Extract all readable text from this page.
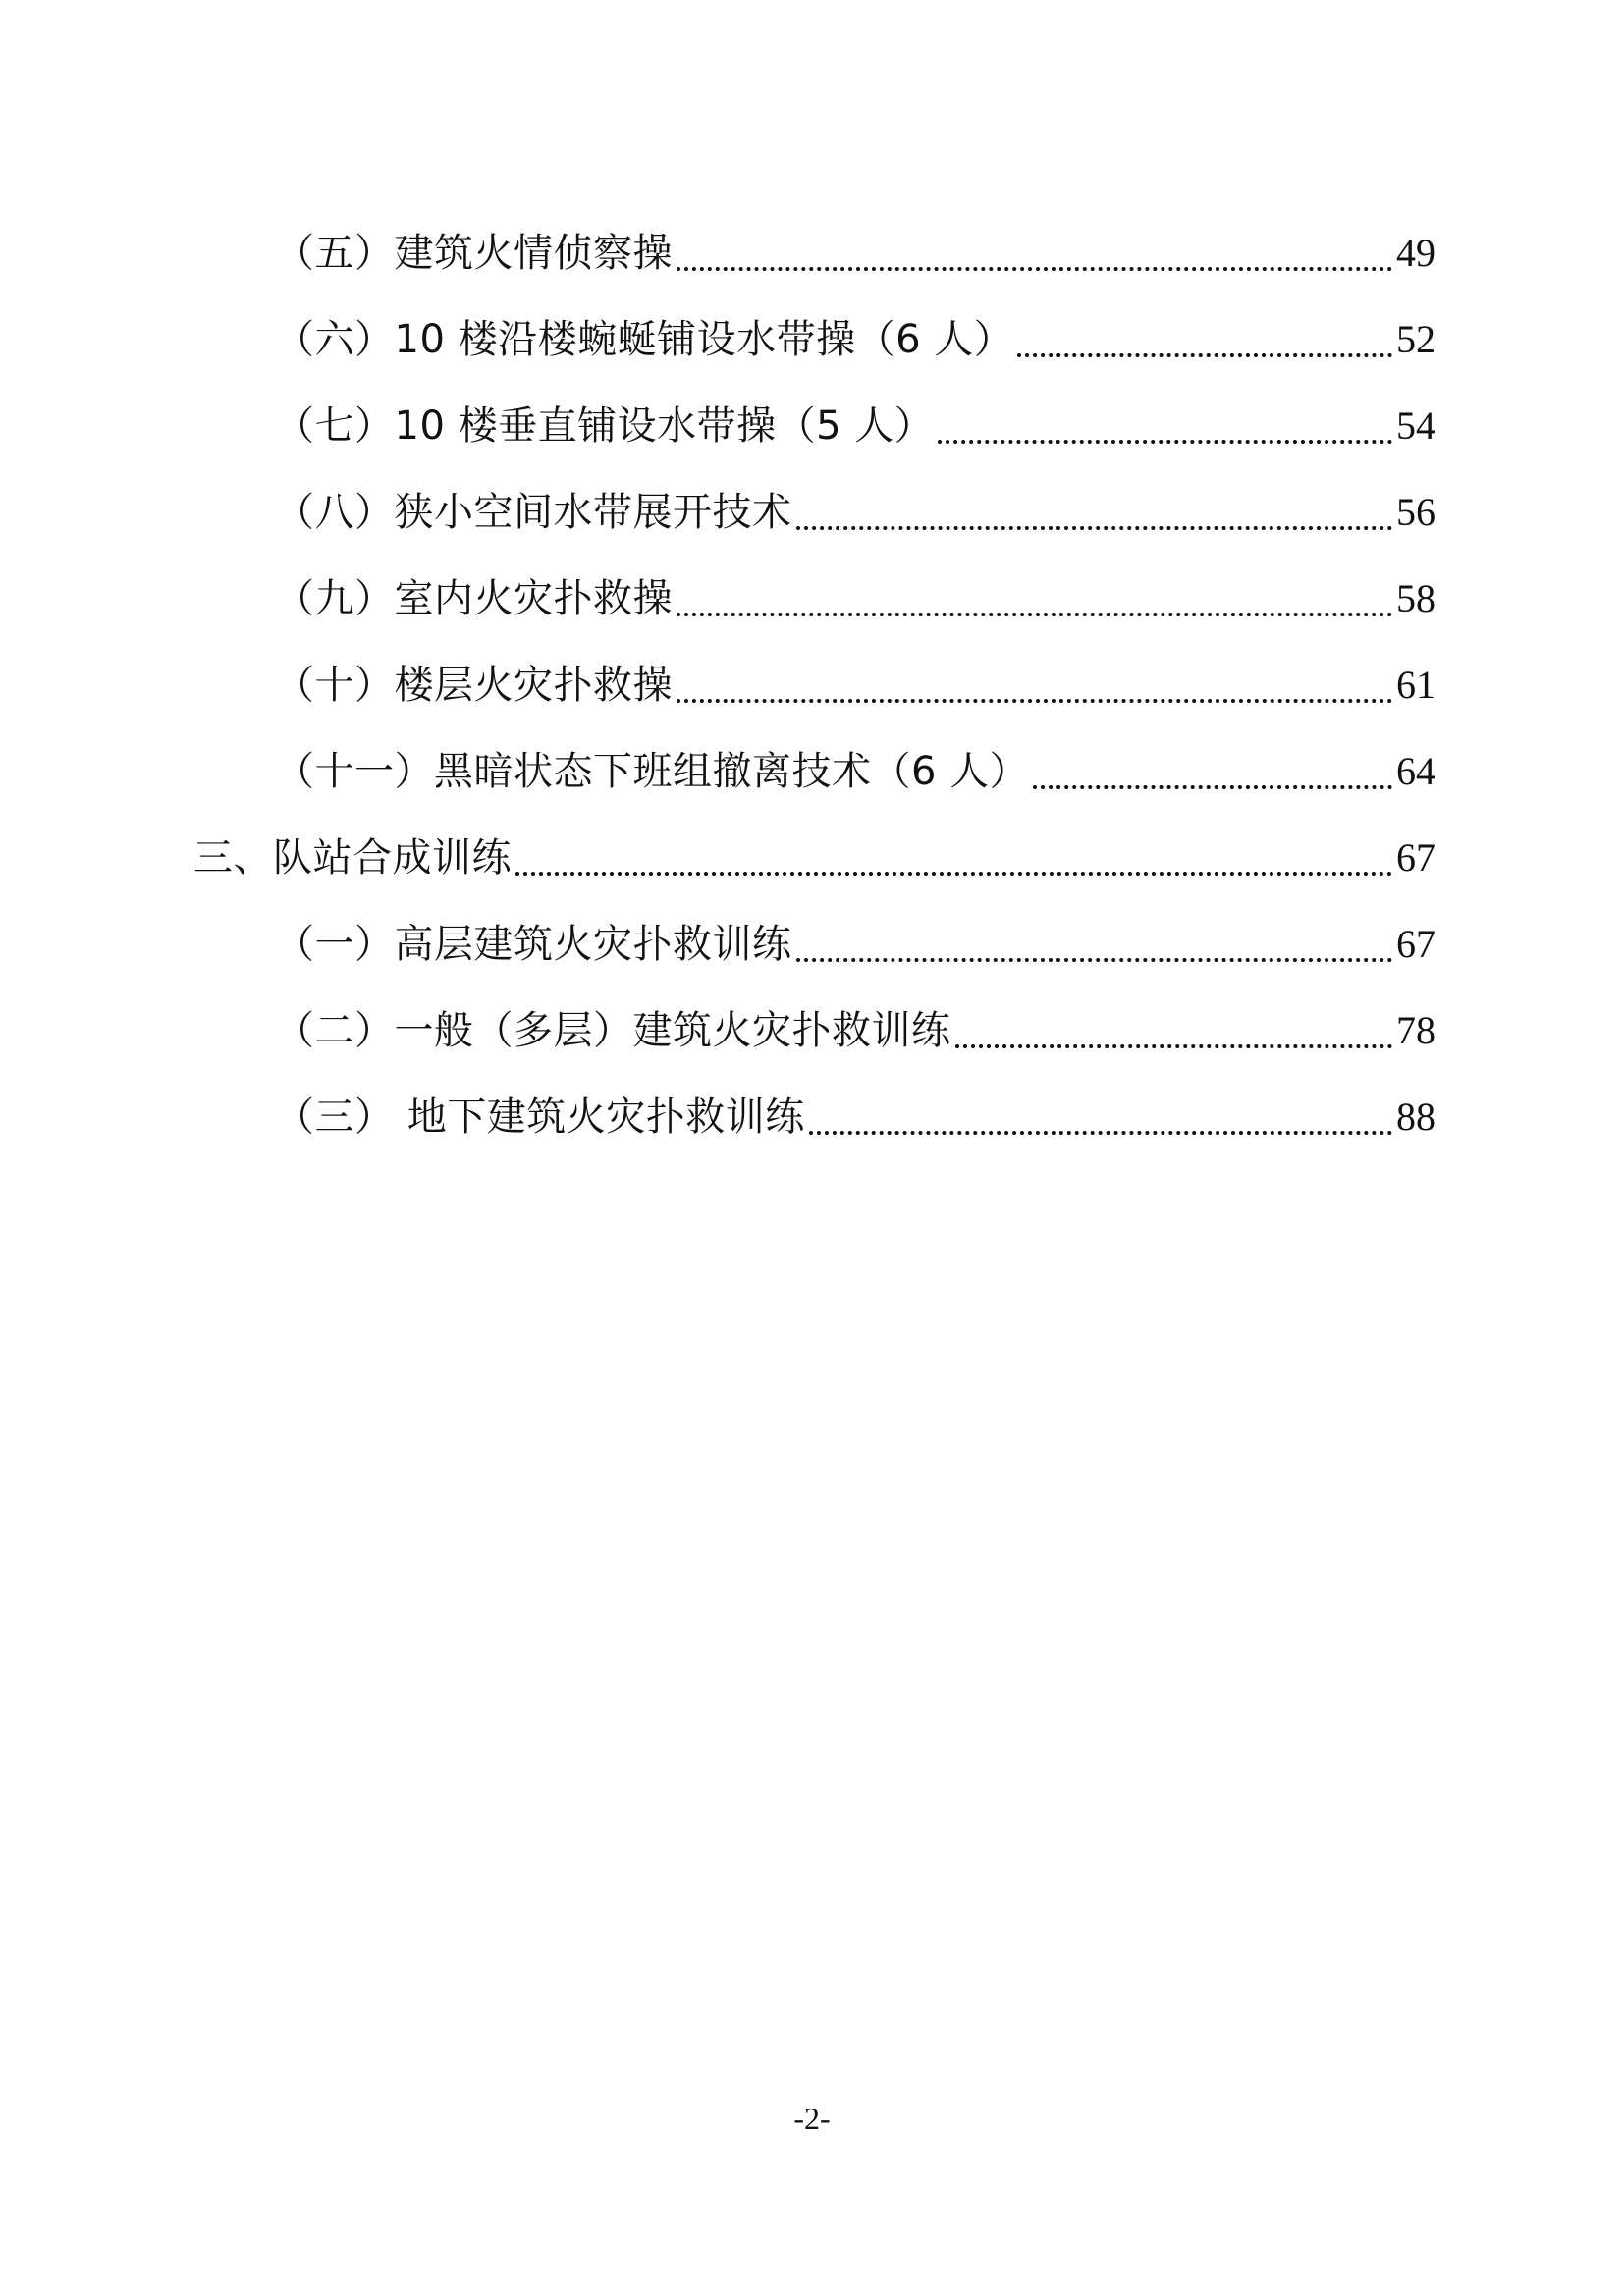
（五）建筑火情侦察操	49
（六）10 楼沿楼蜿蜒铺设水带操（6 人）	52
（七）10 楼垂直铺设水带操（5 人）	54
（八）狭小空间水带展开技术	56
（九）室内火灾扑救操	58
（十）楼层火灾扑救操	61
（十一）黑暗状态下班组撤离技术（6 人）	64
三、队站合成训练	67
（一）高层建筑火灾扑救训练	67
（二）一般（多层）建筑火灾扑救训练	78
（三） 地下建筑火灾扑救训练	88
-2-
